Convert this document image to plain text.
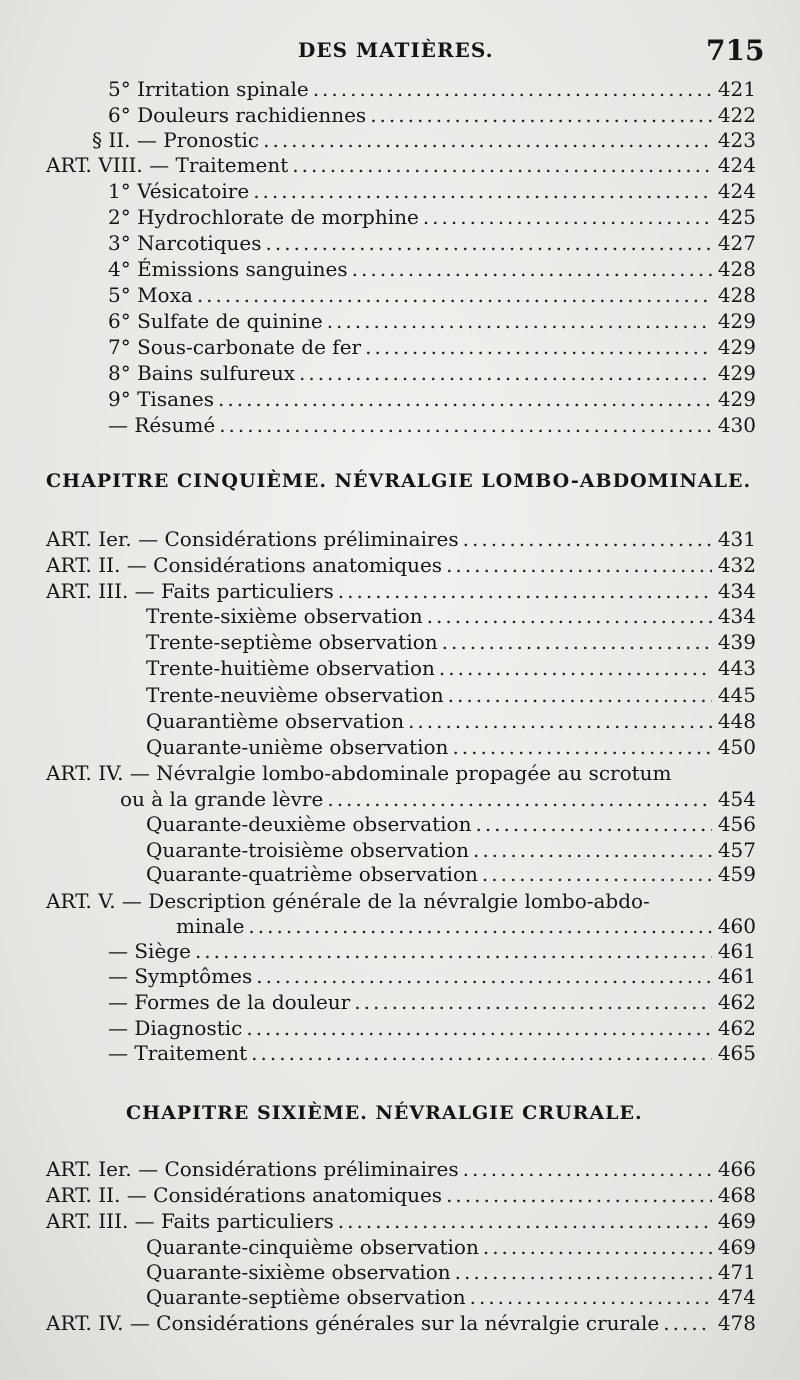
DES MATIÈRES.	715
5° Irritation spinale .....	421
6° Douleurs rachidiennes .....	422
§ II. — Pronostic .....	423
ART. VIII. — Traitement .....	424
1° Vésicatoire .....	424
2° Hydrochlorate de morphine .....	425
3° Narcotiques .....	427
4° Émissions sanguines .....	428
5° Moxa .....	428
6° Sulfate de quinine .....	429
7° Sous-carbonate de fer .....	429
8° Bains sulfureux .....	429
9° Tisanes .....	429
— Résumé .....	430
CHAPITRE CINQUIÈME. NÉVRALGIE LOMBO-ABDOMINALE.
ART. Ier. — Considérations préliminaires .....	431
ART. II. — Considérations anatomiques .....	432
ART. III. — Faits particuliers .....	434
Trente-sixième observation .....	434
Trente-septième observation .....	439
Trente-huitième observation .....	443
Trente-neuvième observation .....	445
Quarantième observation .....	448
Quarante-unième observation .....	450
ART. IV. — Névralgie lombo-abdominale propagée au scrotum
ou à la grande lèvre .....	454
Quarante-deuxième observation .....	456
Quarante-troisième observation .....	457
Quarante-quatrième observation .....	459
ART. V. — Description générale de la névralgie lombo-abdo-
minale .....	460
— Siège .....	461
— Symptômes .....	461
— Formes de la douleur .....	462
— Diagnostic .....	462
— Traitement .....	465
CHAPITRE SIXIÈME. NÉVRALGIE CRURALE.
ART. Ier. — Considérations préliminaires .....	466
ART. II. — Considérations anatomiques .....	468
ART. III. — Faits particuliers .....	469
Quarante-cinquième observation .....	469
Quarante-sixième observation .....	471
Quarante-septième observation .....	474
ART. IV. — Considérations générales sur la névralgie crurale .....	478
